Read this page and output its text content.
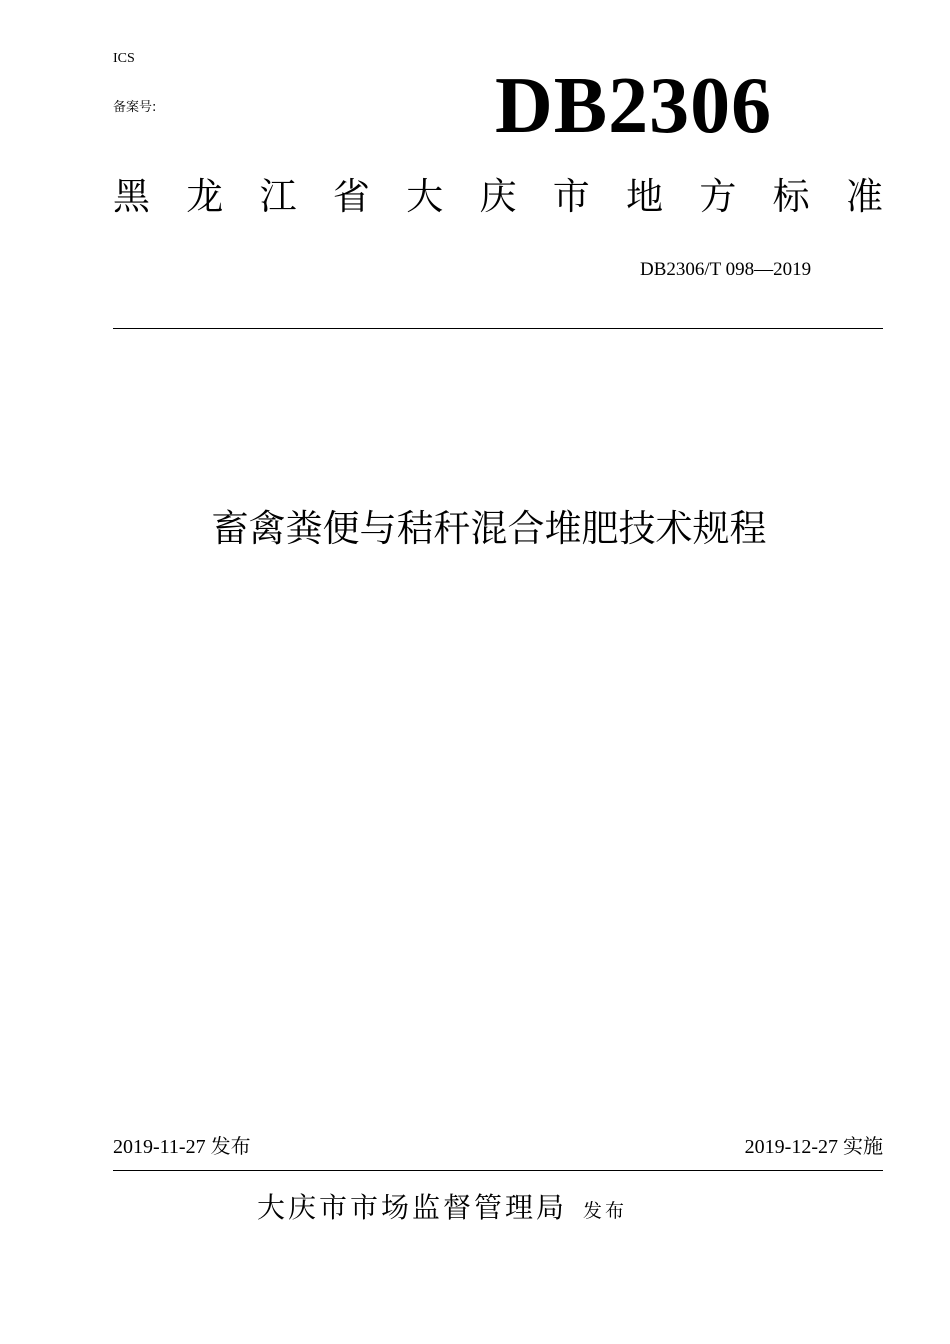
ICS
备案号:	DB2306
黑 龙 江 省 大 庆 市 地 方 标 准
DB2306/T 098—2019
畜禽粪便与秸秆混合堆肥技术规程
2019-11-27 发布	2019-12-27 实施
大庆市市场监督管理局 发布
